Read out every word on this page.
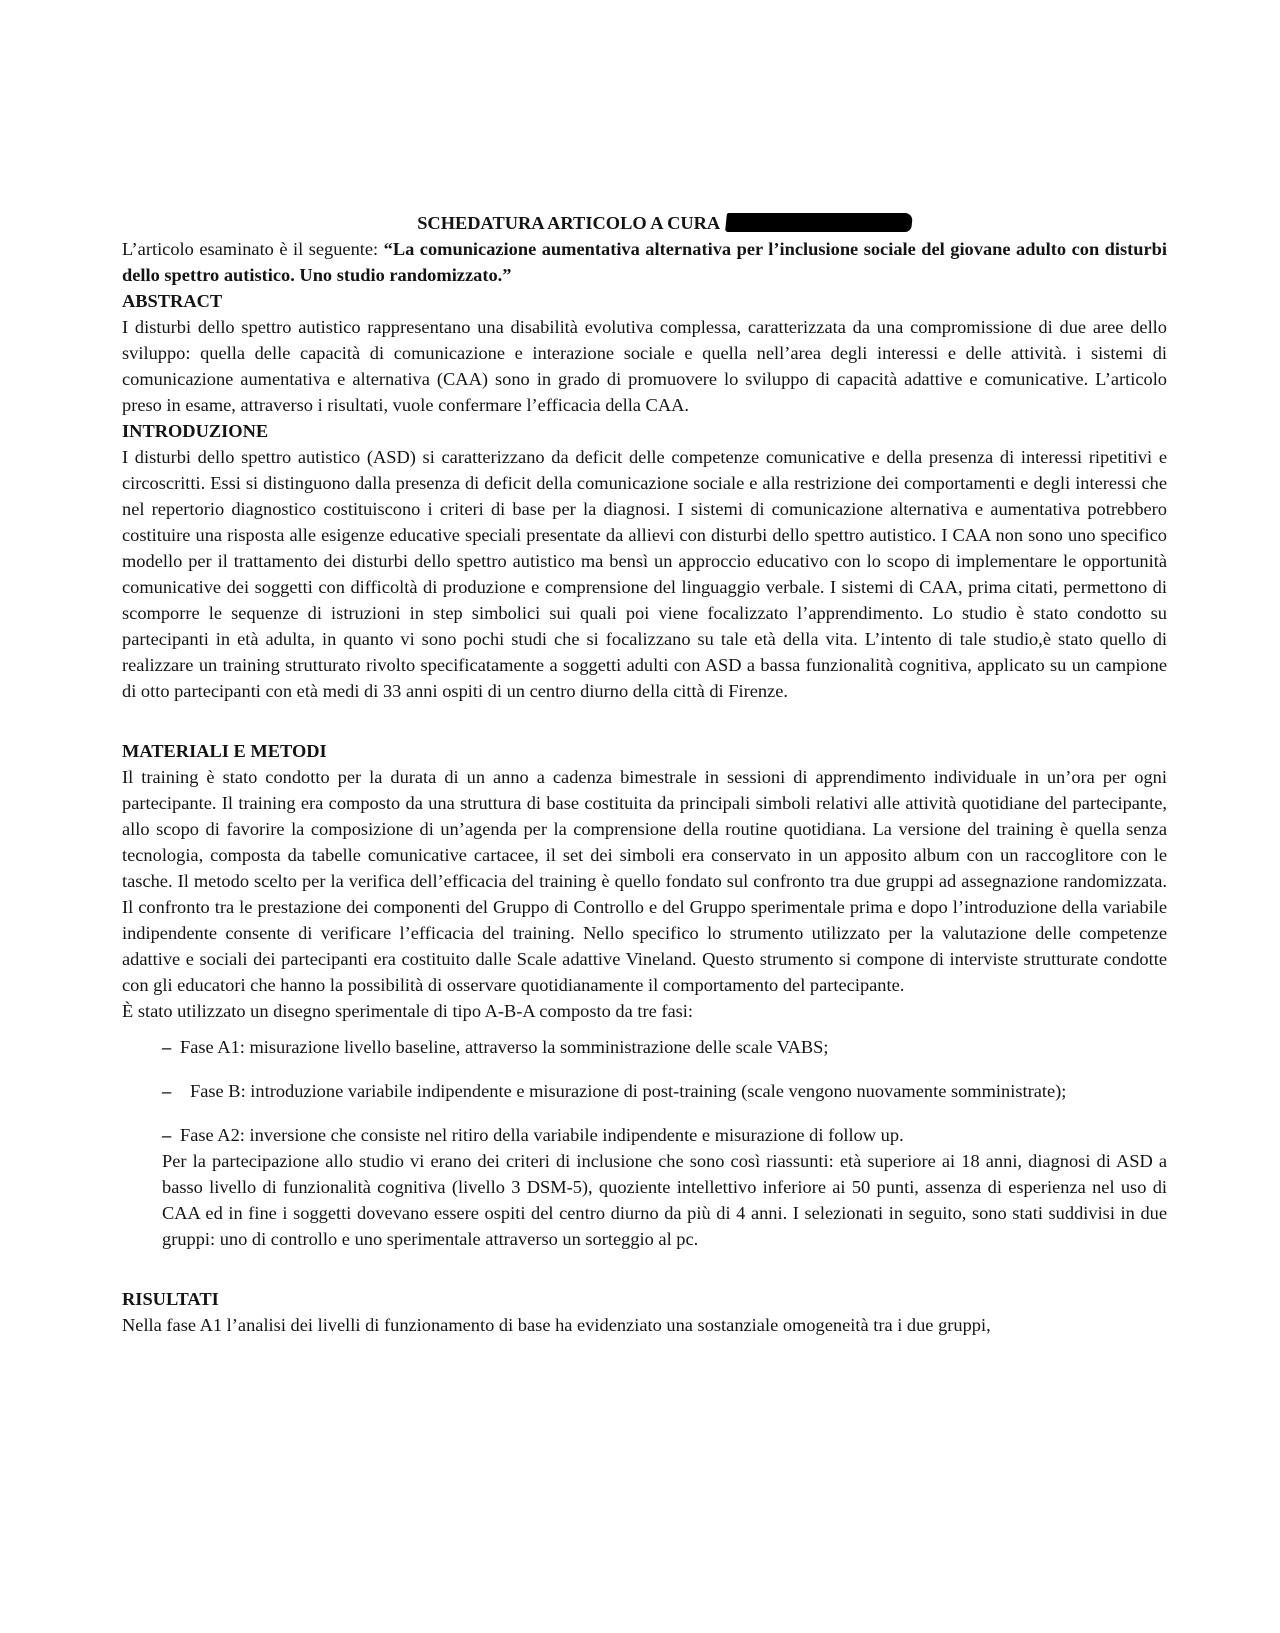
SCHEDATURA ARTICOLO A CURA

L’articolo esaminato è il seguente: “La comunicazione aumentativa alternativa per l’inclusione sociale del giovane adulto con disturbi dello spettro autistico. Uno studio randomizzato.”

ABSTRACT

I disturbi dello spettro autistico rappresentano una disabilità evolutiva complessa, caratterizzata da una compromissione di due aree dello sviluppo: quella delle capacità di comunicazione e interazione sociale e quella nell’area degli interessi e delle attività. i sistemi di comunicazione aumentativa e alternativa (CAA) sono in grado di promuovere lo sviluppo di capacità adattive e comunicative. L’articolo preso in esame, attraverso i risultati, vuole confermare l’efficacia della CAA.

INTRODUZIONE

I disturbi dello spettro autistico (ASD) si caratterizzano da deficit delle competenze comunicative e della presenza di interessi ripetitivi e circoscritti. Essi si distinguono dalla presenza di deficit della comunicazione sociale e alla restrizione dei comportamenti e degli interessi che nel repertorio diagnostico costituiscono i criteri di base per la diagnosi. I sistemi di comunicazione alternativa e aumentativa potrebbero costituire una risposta alle esigenze educative speciali presentate da allievi con disturbi dello spettro autistico. I CAA non sono uno specifico modello per il trattamento dei disturbi dello spettro autistico ma bensì un approccio educativo con lo scopo di implementare le opportunità comunicative dei soggetti con difficoltà di produzione e comprensione del linguaggio verbale. I sistemi di CAA, prima citati, permettono di scomporre le sequenze di istruzioni in step simbolici sui quali poi viene focalizzato l’apprendimento. Lo studio è stato condotto su partecipanti in età adulta, in quanto vi sono pochi studi che si focalizzano su tale età della vita. L’intento di tale studio,è stato quello di realizzare un training strutturato rivolto specificatamente a soggetti adulti con ASD a bassa funzionalità cognitiva, applicato su un campione di otto partecipanti con età medi di 33 anni ospiti di un centro diurno della città di Firenze.

MATERIALI E METODI

Il training è stato condotto per la durata di un anno a cadenza bimestrale in sessioni di apprendimento individuale in un’ora per ogni partecipante. Il training era composto da una struttura di base costituita da principali simboli relativi alle attività quotidiane del partecipante, allo scopo di favorire la composizione di un’agenda per la comprensione della routine quotidiana. La versione del training è quella senza tecnologia, composta da tabelle comunicative cartacee, il set dei simboli era conservato in un apposito album con un raccoglitore con le tasche. Il metodo scelto per la verifica dell’efficacia del training è quello fondato sul confronto tra due gruppi ad assegnazione randomizzata. Il confronto tra le prestazione dei componenti del Gruppo di Controllo e del Gruppo sperimentale prima e dopo l’introduzione della variabile indipendente consente di verificare l’efficacia del training. Nello specifico lo strumento utilizzato per la valutazione delle competenze adattive e sociali dei partecipanti era costituito dalle Scale adattive Vineland. Questo strumento si compone di interviste strutturate condotte con gli educatori che hanno la possibilità di osservare quotidianamente il comportamento del partecipante.

È stato utilizzato un disegno sperimentale di tipo A-B-A composto da tre fasi:

– Fase A1: misurazione livello baseline, attraverso la somministrazione delle scale VABS;
– Fase B: introduzione variabile indipendente e misurazione di post-training (scale vengono nuovamente somministrate);
– Fase A2: inversione che consiste nel ritiro della variabile indipendente e misurazione di follow up.

Per la partecipazione allo studio vi erano dei criteri di inclusione che sono così riassunti: età superiore ai 18 anni, diagnosi di ASD a basso livello di funzionalità cognitiva (livello 3 DSM-5), quoziente intellettivo inferiore ai 50 punti, assenza di esperienza nel uso di CAA ed in fine i soggetti dovevano essere ospiti del centro diurno da più di 4 anni. I selezionati in seguito, sono stati suddivisi in due gruppi: uno di controllo e uno sperimentale attraverso un sorteggio al pc.

RISULTATI

Nella fase A1 l’analisi dei livelli di funzionamento di base ha evidenziato una sostanziale omogeneità tra i due gruppi,
